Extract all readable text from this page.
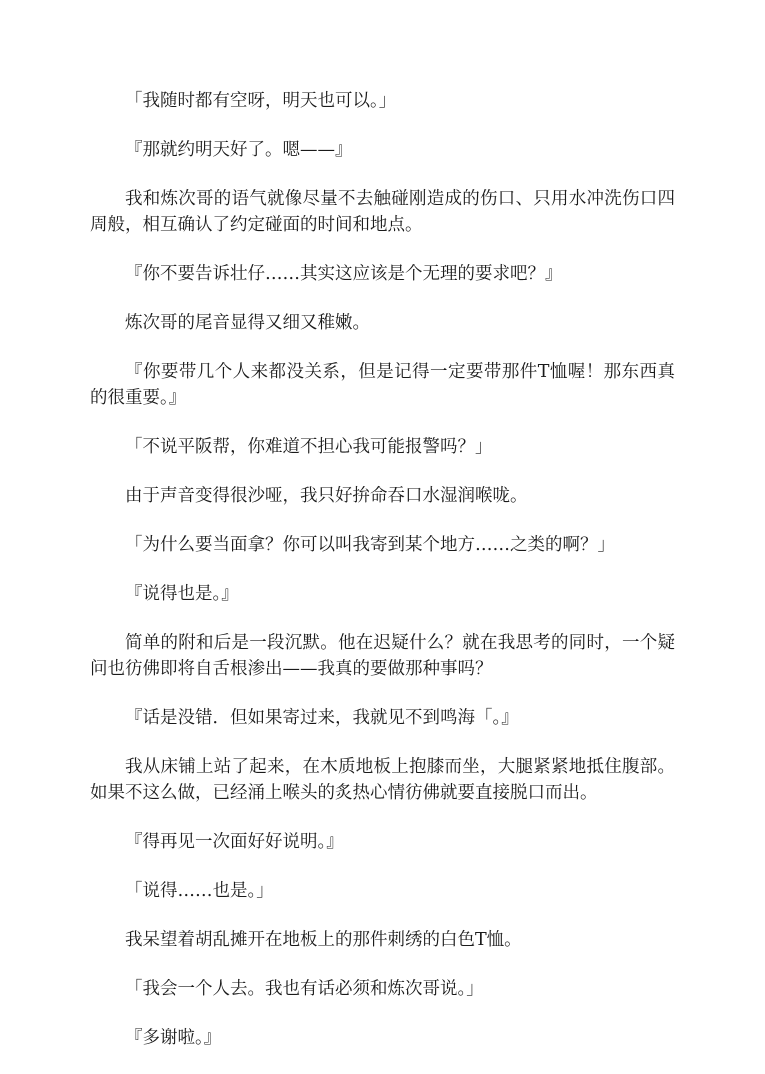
「我随时都有空呀，明天也可以。」

『那就约明天好了。嗯——』

我和炼次哥的语气就像尽量不去触碰刚造成的伤口、只用水冲洗伤口四周般，相互确认了约定碰面的时间和地点。

『你不要告诉壮仔……其实这应该是个无理的要求吧？』

炼次哥的尾音显得又细又稚嫩。

『你要带几个人来都没关系，但是记得一定要带那件T恤喔！那东西真的很重要。』

「不说平阪帮，你难道不担心我可能报警吗？」

由于声音变得很沙哑，我只好拚命吞口水湿润喉咙。

「为什么要当面拿？你可以叫我寄到某个地方……之类的啊？」

『说得也是。』

简单的附和后是一段沉默。他在迟疑什么？就在我思考的同时，一个疑问也彷佛即将自舌根渗出——我真的要做那种事吗？

『话是没错．但如果寄过来，我就见不到鸣海「。』

我从床铺上站了起来，在木质地板上抱膝而坐，大腿紧紧地抵住腹部。如果不这么做，已经涌上喉头的炙热心情彷佛就要直接脱口而出。

『得再见一次面好好说明。』

「说得……也是。」

我呆望着胡乱摊开在地板上的那件刺绣的白色T恤。

「我会一个人去。我也有话必须和炼次哥说。」

『多谢啦。』
